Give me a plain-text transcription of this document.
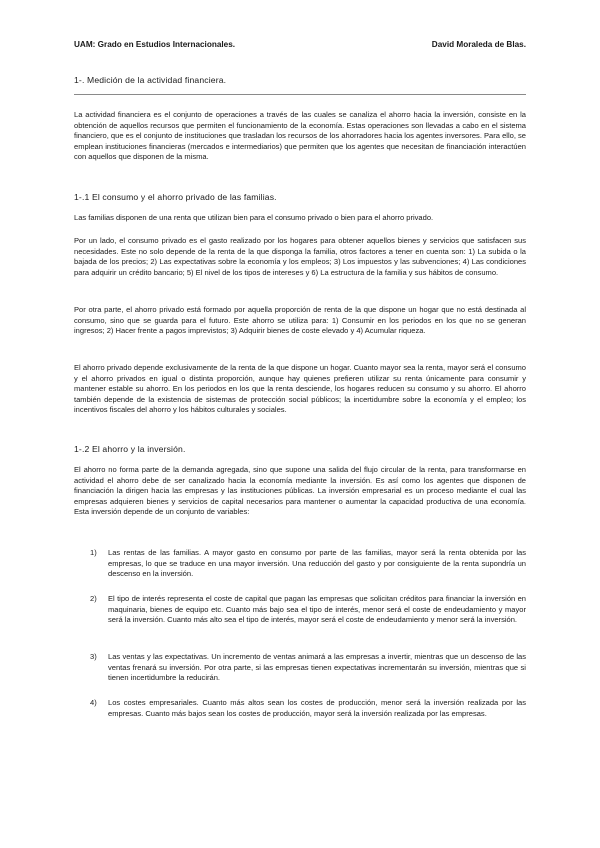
UAM: Grado en Estudios Internacionales.	David Moraleda de Blas.
1-. Medición de la actividad financiera.

La actividad financiera es el conjunto de operaciones a través de las cuales se canaliza el ahorro hacia la inversión, consiste en la obtención de aquellos recursos que permiten el funcionamiento de la economía. Estas operaciones son llevadas a cabo en el sistema financiero, que es el conjunto de instituciones que trasladan los recursos de los ahorradores hacia los agentes inversores. Para ello, se emplean instituciones financieras (mercados e intermediarios) que permiten que los agentes que necesitan de financiación interactúen con aquellos que disponen de la misma.

1-.1 El consumo y el ahorro privado de las familias.

Las familias disponen de una renta que utilizan bien para el consumo privado o bien para el ahorro privado.

Por un lado, el consumo privado es el gasto realizado por los hogares para obtener aquellos bienes y servicios que satisfacen sus necesidades. Este no solo depende de la renta de la que disponga la familia, otros factores a tener en cuenta son: 1) La subida o la bajada de los precios; 2) Las expectativas sobre la economía y los empleos; 3) Los impuestos y las subvenciones; 4) Las condiciones para adquirir un crédito bancario; 5) El nivel de los tipos de intereses y 6) La estructura de la familia y sus hábitos de consumo.

Por otra parte, el ahorro privado está formado por aquella proporción de renta de la que dispone un hogar que no está destinada al consumo, sino que se guarda para el futuro. Este ahorro se utiliza para: 1) Consumir en los periodos en los que no se generan ingresos; 2) Hacer frente a pagos imprevistos; 3) Adquirir bienes de coste elevado y 4) Acumular riqueza.

El ahorro privado depende exclusivamente de la renta de la que dispone un hogar. Cuanto mayor sea la renta, mayor será el consumo y el ahorro privados en igual o distinta proporción, aunque hay quienes prefieren utilizar su renta únicamente para consumir y mantener estable su ahorro. En los periodos en los que la renta desciende, los hogares reducen su consumo y su ahorro. El ahorro también depende de la existencia de sistemas de protección social públicos; la incertidumbre sobre la economía y el empleo; los incentivos fiscales del ahorro y los hábitos culturales y sociales.

1-.2 El ahorro y la inversión.

El ahorro no forma parte de la demanda agregada, sino que supone una salida del flujo circular de la renta, para transformarse en actividad el ahorro debe de ser canalizado hacia la economía mediante la inversión. Es así como los agentes que disponen de financiación la dirigen hacia las empresas y las instituciones públicas. La inversión empresarial es un proceso mediante el cual las empresas adquieren bienes y servicios de capital necesarios para mantener o aumentar la capacidad productiva de una economía. Esta inversión depende de un conjunto de variables:

1)	Las rentas de las familias. A mayor gasto en consumo por parte de las familias, mayor será la renta obtenida por las empresas, lo que se traduce en una mayor inversión. Una reducción del gasto y por consiguiente de la renta supondría un descenso en la inversión.

2)	El tipo de interés representa el coste de capital que pagan las empresas que solicitan créditos para financiar la inversión en maquinaria, bienes de equipo etc. Cuanto más bajo sea el tipo de interés, menor será el coste de endeudamiento y mayor será la inversión. Cuanto más alto sea el tipo de interés, mayor será el coste de endeudamiento y menor será la inversión.

3)	Las ventas y las expectativas. Un incremento de ventas animará a las empresas a invertir, mientras que un descenso de las ventas frenará su inversión. Por otra parte, si las empresas tienen expectativas incrementarán su inversión, mientras que si tienen incertidumbre la reducirán.

4)	Los costes empresariales. Cuanto más altos sean los costes de producción, menor será la inversión realizada por las empresas. Cuanto más bajos sean los costes de producción, mayor será la inversión realizada por las empresas.
